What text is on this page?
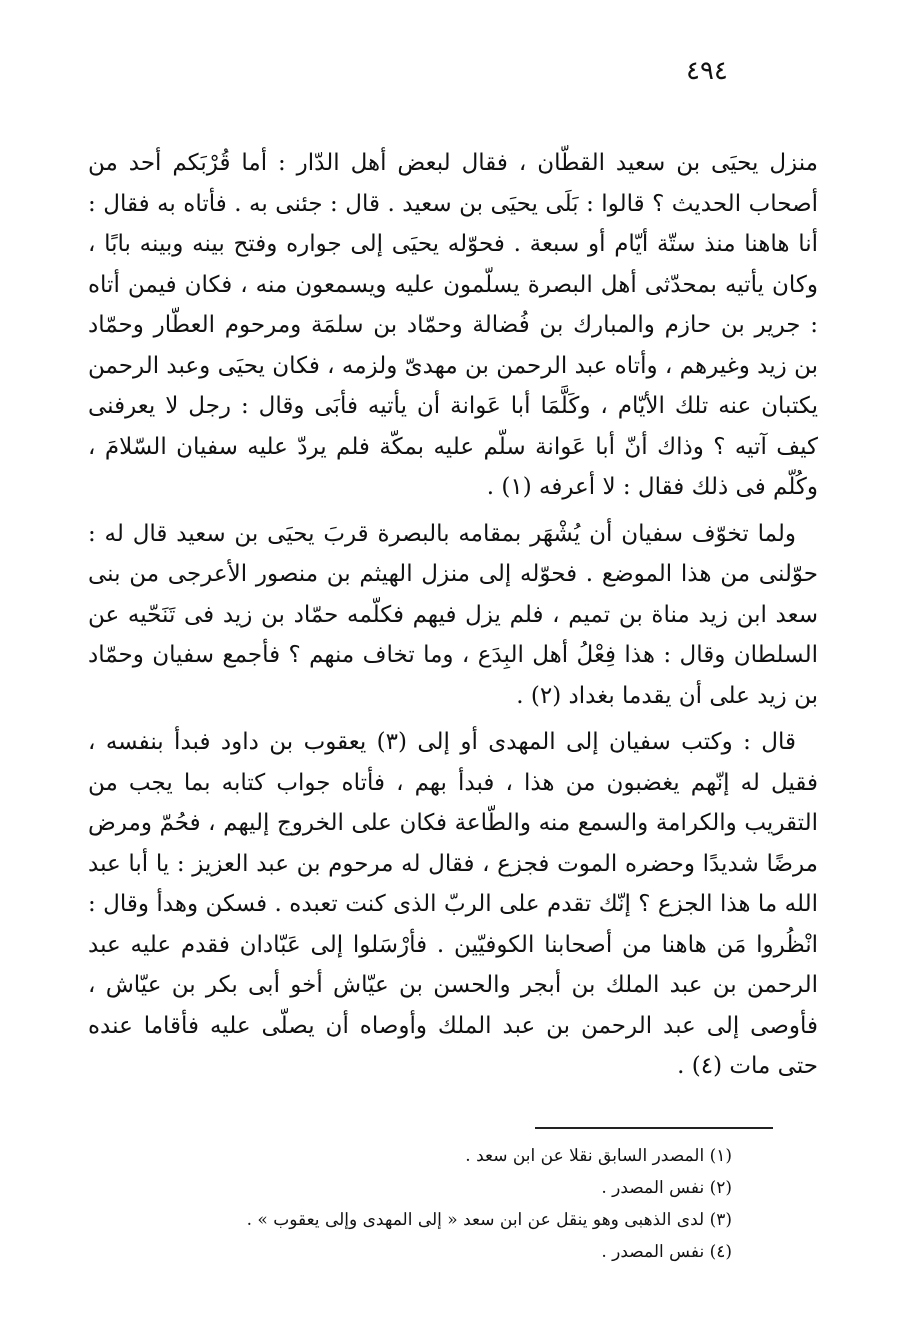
٤٩٤

منزل يحيَى بن سعيد القطّان ، فقال لبعض أهل الدّار : أما قُرْبَكم أحد من أصحاب الحديث ؟ قالوا : بَلَى يحيَى بن سعيد . قال : جئنى به . فأتاه به فقال : أنا هاهنا منذ ستّة أيّام أو سبعة . فحوّله يحيَى إلى جواره وفتح بينه وبينه بابًا ، وكان يأتيه بمحدّثى أهل البصرة يسلّمون عليه ويسمعون منه ، فكان فيمن أتاه : جرير بن حازم والمبارك بن فُضالة وحمّاد بن سلمَة ومرحوم العطّار وحمّاد بن زيد وغيرهم ، وأتاه عبد الرحمن بن مهدىّ ولزمه ، فكان يحيَى وعبد الرحمن يكتبان عنه تلك الأيّام ، وكَلَّمَا أبا عَوانة أن يأتيه فأبَى وقال : رجل لا يعرفنى كيف آتيه ؟ وذاك أنّ أبا عَوانة سلّم عليه بمكّة فلم يردّ عليه سفيان السّلامَ ، وكُلّم فى ذلك فقال : لا أعرفه (١) .

ولما تخوّف سفيان أن يُشْهَر بمقامه بالبصرة قربَ يحيَى بن سعيد قال له : حوّلنى من هذا الموضع . فحوّله إلى منزل الهيثم بن منصور الأعرجى من بنى سعد ابن زيد مناة بن تميم ، فلم يزل فيهم فكلّمه حمّاد بن زيد فى تَنَحّيه عن السلطان وقال : هذا فِعْلُ أهل البِدَع ، وما تخاف منهم ؟ فأجمع سفيان وحمّاد بن زيد على أن يقدما بغداد (٢) .

قال : وكتب سفيان إلى المهدى أو إلى (٣) يعقوب بن داود فبدأ بنفسه ، فقيل له إنّهم يغضبون من هذا ، فبدأ بهم ، فأتاه جواب كتابه بما يجب من التقريب والكرامة والسمع منه والطّاعة فكان على الخروج إليهم ، فحُمّ ومرض مرضًا شديدًا وحضره الموت فجزع ، فقال له مرحوم بن عبد العزيز : يا أبا عبد الله ما هذا الجزع ؟ إنّك تقدم على الربّ الذى كنت تعبده . فسكن وهدأ وقال : انْظُروا مَن هاهنا من أصحابنا الكوفيّين . فأرْسَلوا إلى عَبّادان فقدم عليه عبد الرحمن بن عبد الملك بن أبجر والحسن بن عيّاش أخو أبى بكر بن عيّاش ، فأوصى إلى عبد الرحمن بن عبد الملك وأوصاه أن يصلّى عليه فأقاما عنده حتى مات (٤) .

(١) المصدر السابق نقلا عن ابن سعد .
(٢) نفس المصدر .
(٣) لدى الذهبى وهو ينقل عن ابن سعد « إلى المهدى وإلى يعقوب » .
(٤) نفس المصدر .
